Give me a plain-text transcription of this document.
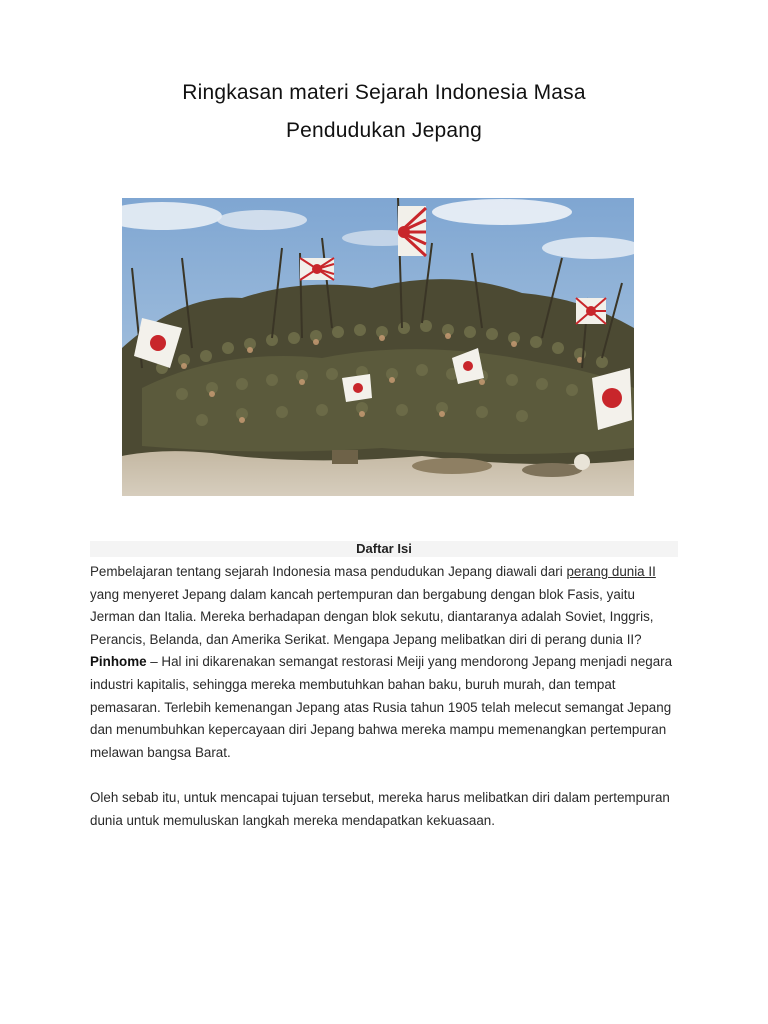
Ringkasan materi Sejarah Indonesia Masa
Pendudukan Jepang
Daftar Isi

Pembelajaran tentang sejarah Indonesia masa pendudukan Jepang diawali dari perang dunia II yang menyeret Jepang dalam kancah pertempuran dan bergabung dengan blok Fasis, yaitu Jerman dan Italia. Mereka berhadapan dengan blok sekutu, diantaranya adalah Soviet, Inggris, Perancis, Belanda, dan Amerika Serikat. Mengapa Jepang melibatkan diri di perang dunia II?

Pinhome – Hal ini dikarenakan semangat restorasi Meiji yang mendorong Jepang menjadi negara industri kapitalis, sehingga mereka membutuhkan bahan baku, buruh murah, dan tempat pemasaran. Terlebih kemenangan Jepang atas Rusia tahun 1905 telah melecut semangat Jepang dan menumbuhkan kepercayaan diri Jepang bahwa mereka mampu memenangkan pertempuran melawan bangsa Barat.

Oleh sebab itu, untuk mencapai tujuan tersebut, mereka harus melibatkan diri dalam pertempuran dunia untuk memuluskan langkah mereka mendapatkan kekuasaan.
